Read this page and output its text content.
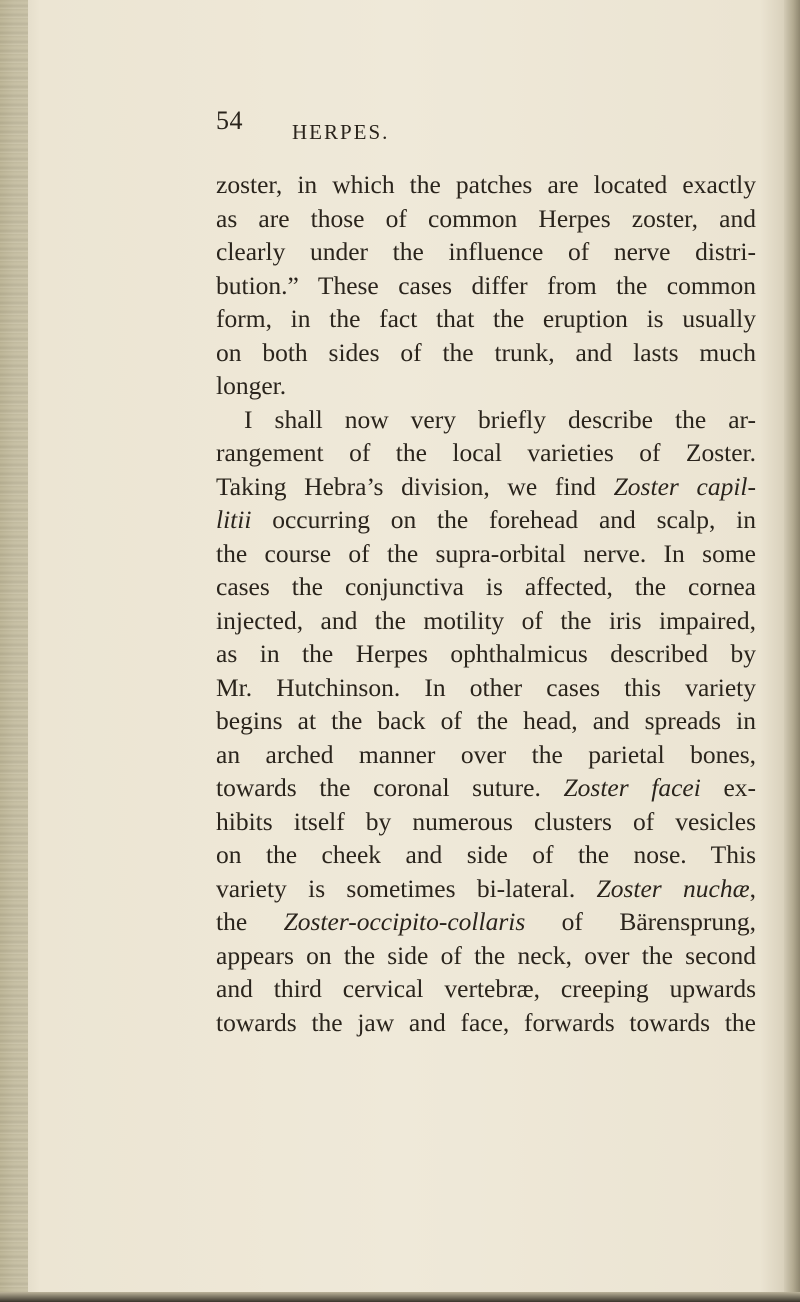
54 HERPES.
zoster, in which the patches are located exactly
as are those of common Herpes zoster, and
clearly under the influence of nerve distri-
bution.” These cases differ from the common
form, in the fact that the eruption is usually
on both sides of the trunk, and lasts much
longer.
I shall now very briefly describe the ar-
rangement of the local varieties of Zoster.
Taking Hebra’s division, we find Zoster capil-
litii occurring on the forehead and scalp, in
the course of the supra-orbital nerve. In some
cases the conjunctiva is affected, the cornea
injected, and the motility of the iris impaired,
as in the Herpes ophthalmicus described by
Mr. Hutchinson. In other cases this variety
begins at the back of the head, and spreads in
an arched manner over the parietal bones,
towards the coronal suture. Zoster facei ex-
hibits itself by numerous clusters of vesicles
on the cheek and side of the nose. This
variety is sometimes bi-lateral. Zoster nuchæ,
the Zoster-occipito-collaris of Bärensprung,
appears on the side of the neck, over the second
and third cervical vertebræ, creeping upwards
towards the jaw and face, forwards towards the
